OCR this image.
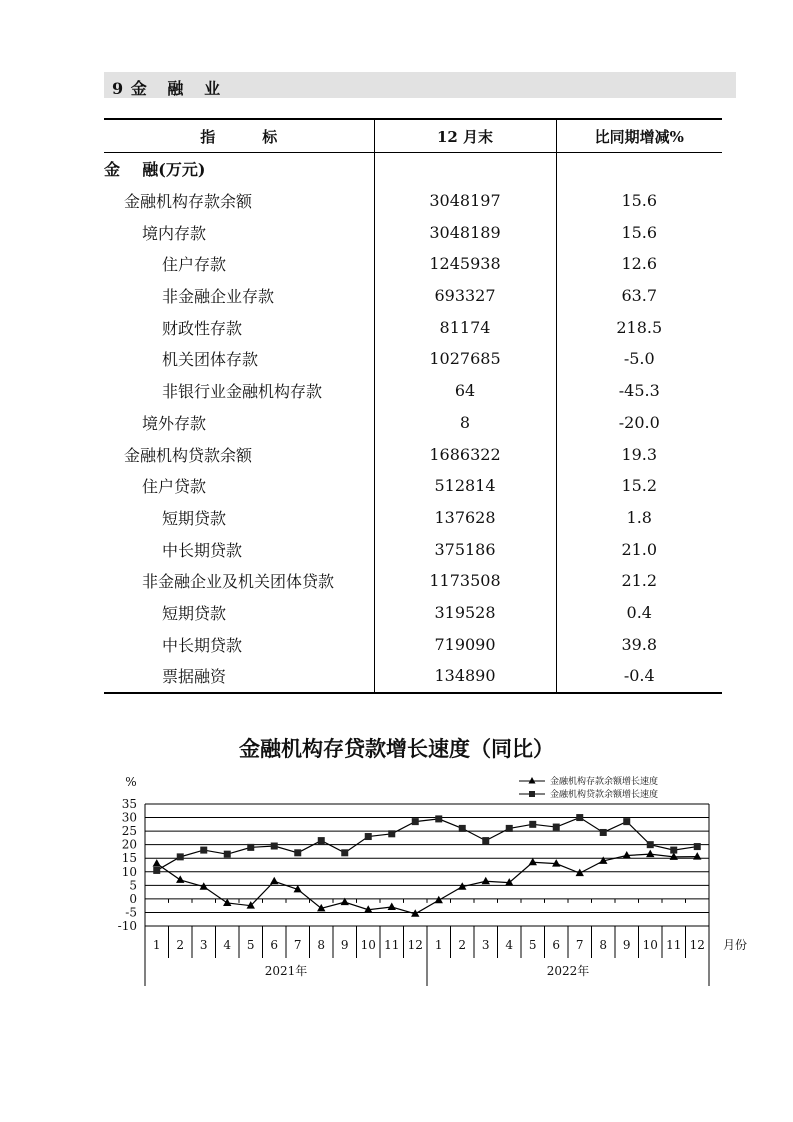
9 金   融   业
指         标	12 月末	比同期增减%
金    融(万元)		
金融机构存款余额	3048197	15.6
境内存款	3048189	15.6
住户存款	1245938	12.6
非金融企业存款	693327	63.7
财政性存款	81174	218.5
机关团体存款	1027685	-5.0
非银行业金融机构存款	64	-45.3
境外存款	8	-20.0
金融机构贷款余额	1686322	19.3
住户贷款	512814	15.2
短期贷款	137628	1.8
中长期贷款	375186	21.0
非金融企业及机关团体贷款	1173508	21.2
短期贷款	319528	0.4
中长期贷款	719090	39.8
票据融资	134890	-0.4
金融机构存贷款增长速度（同比）
35
30
25
20
15
10
5
0
-5
-10
%
2021年	2022年
1 2 3 4 5 6 7 8 9 10 11 12 1 2 3 4 5 6 7 8 9 10 11 12 月份
金融机构存款余额增长速度
金融机构贷款余额增长速度
